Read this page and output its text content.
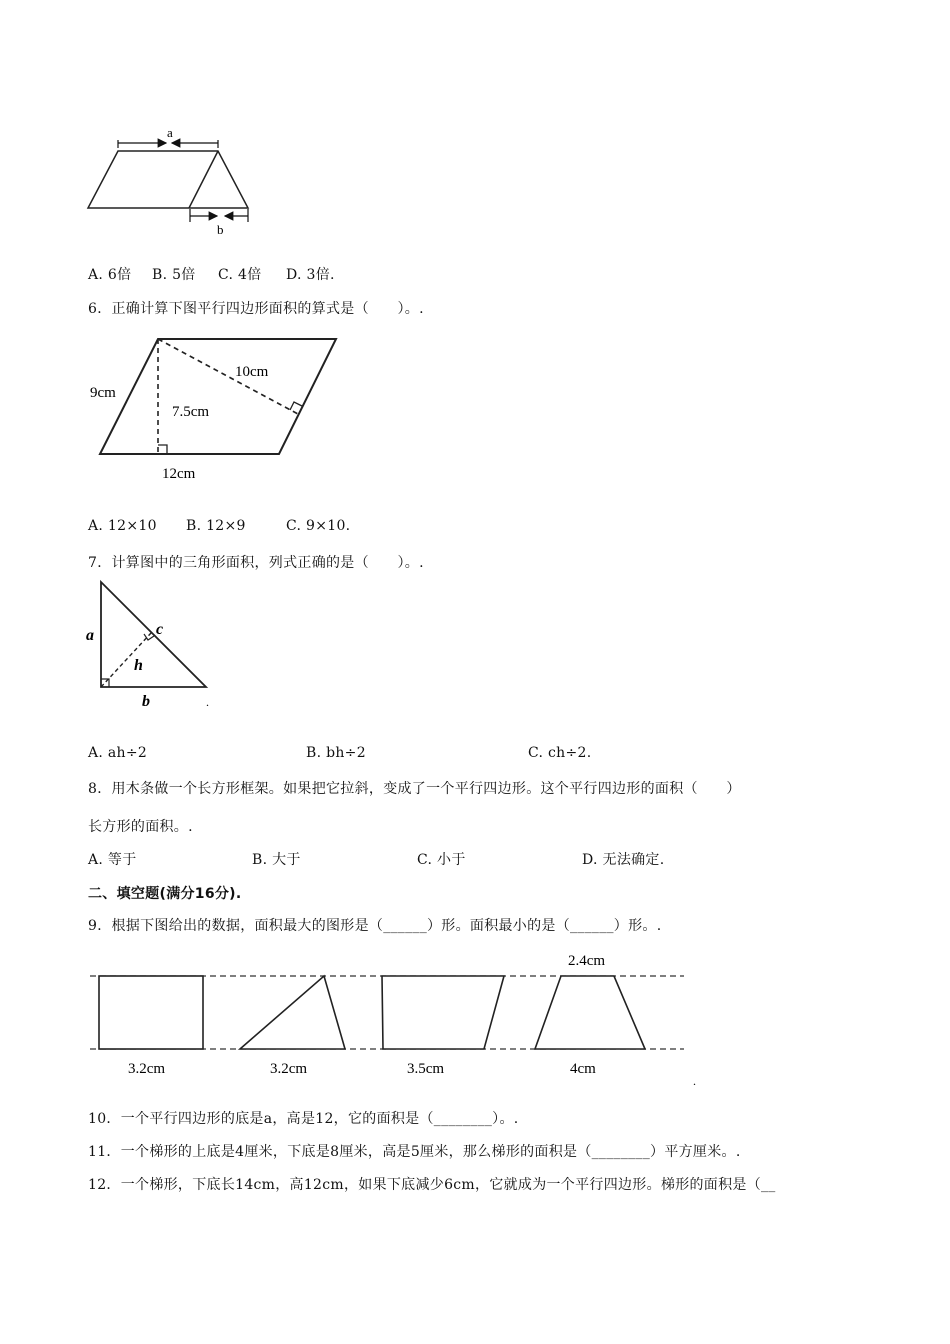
a
b
A. 6倍 B. 5倍 C. 4倍 D. 3倍.
6．正确计算下图平行四边形面积的算式是（　　）。.
9cm
10cm
7.5cm
12cm
A. 12×10 B. 12×9	C. 9×10.
7．计算图中的三角形面积，列式正确的是（　　）。.
a	c
h
b	.
A. ah÷2	B. bh÷2	C. ch÷2.
8．用木条做一个长方形框架。如果把它拉斜，变成了一个平行四边形。这个平行四边形的面积（　　）
长方形的面积。.
A. 等于	B. 大于	C. 小于	D. 无法确定.
二、填空题(满分16分).
9．根据下图给出的数据，面积最大的图形是（______）形。面积最小的是（______）形。.
2.4cm
3.2cm	3.2cm	3.5cm	4cm
.
10．一个平行四边形的底是a，高是12，它的面积是（________）。.
11．一个梯形的上底是4厘米，下底是8厘米，高是5厘米，那么梯形的面积是（________）平方厘米。.
12．一个梯形，下底长14cm，高12cm，如果下底减少6cm，它就成为一个平行四边形。梯形的面积是（__
